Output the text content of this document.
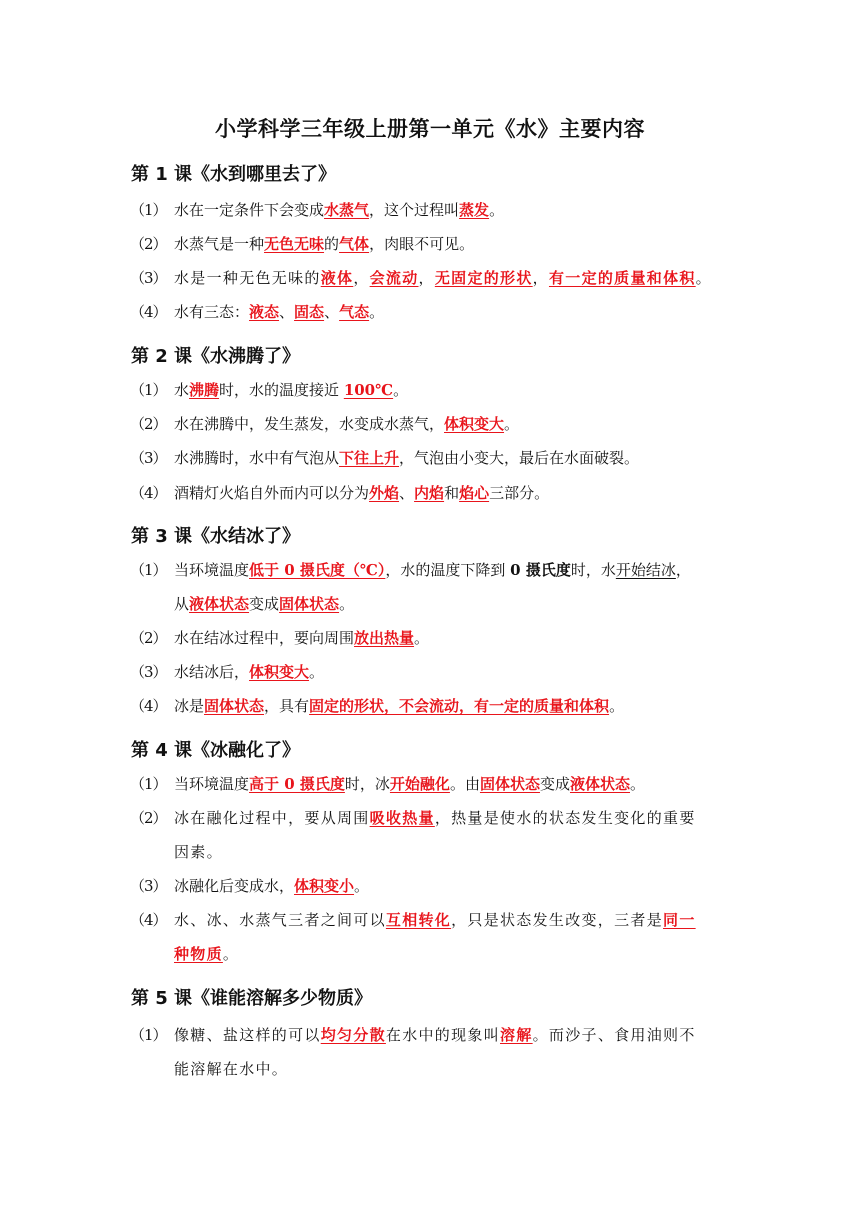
小学科学三年级上册第一单元《水》主要内容
第 1 课《水到哪里去了》
（1） 水在一定条件下会变成水蒸气，这个过程叫蒸发。
（2） 水蒸气是一种无色无味的气体，肉眼不可见。
（3） 水是一种无色无味的液体，会流动，无固定的形状，有一定的质量和体积。
（4） 水有三态：液态、固态、气态。
第 2 课《水沸腾了》
（1） 水沸腾时，水的温度接近 100℃。
（2） 水在沸腾中，发生蒸发，水变成水蒸气，体积变大。
（3） 水沸腾时，水中有气泡从下往上升，气泡由小变大，最后在水面破裂。
（4） 酒精灯火焰自外而内可以分为外焰、内焰和焰心三部分。
第 3 课《水结冰了》
（1） 当环境温度低于 0 摄氏度（℃），水的温度下降到 0 摄氏度时，水开始结冰，
从液体状态变成固体状态。
（2） 水在结冰过程中，要向周围放出热量。
（3） 水结冰后，体积变大。
（4） 冰是固体状态，具有固定的形状，不会流动，有一定的质量和体积。
第 4 课《冰融化了》
（1） 当环境温度高于 0 摄氏度时，冰开始融化。由固体状态变成液体状态。
（2） 冰在融化过程中，要从周围吸收热量，热量是使水的状态发生变化的重要
因素。
（3） 冰融化后变成水，体积变小。
（4） 水、冰、水蒸气三者之间可以互相转化，只是状态发生改变，三者是同一
种物质。
第 5 课《谁能溶解多少物质》
（1） 像糖、盐这样的可以均匀分散在水中的现象叫溶解。而沙子、食用油则不
能溶解在水中。
